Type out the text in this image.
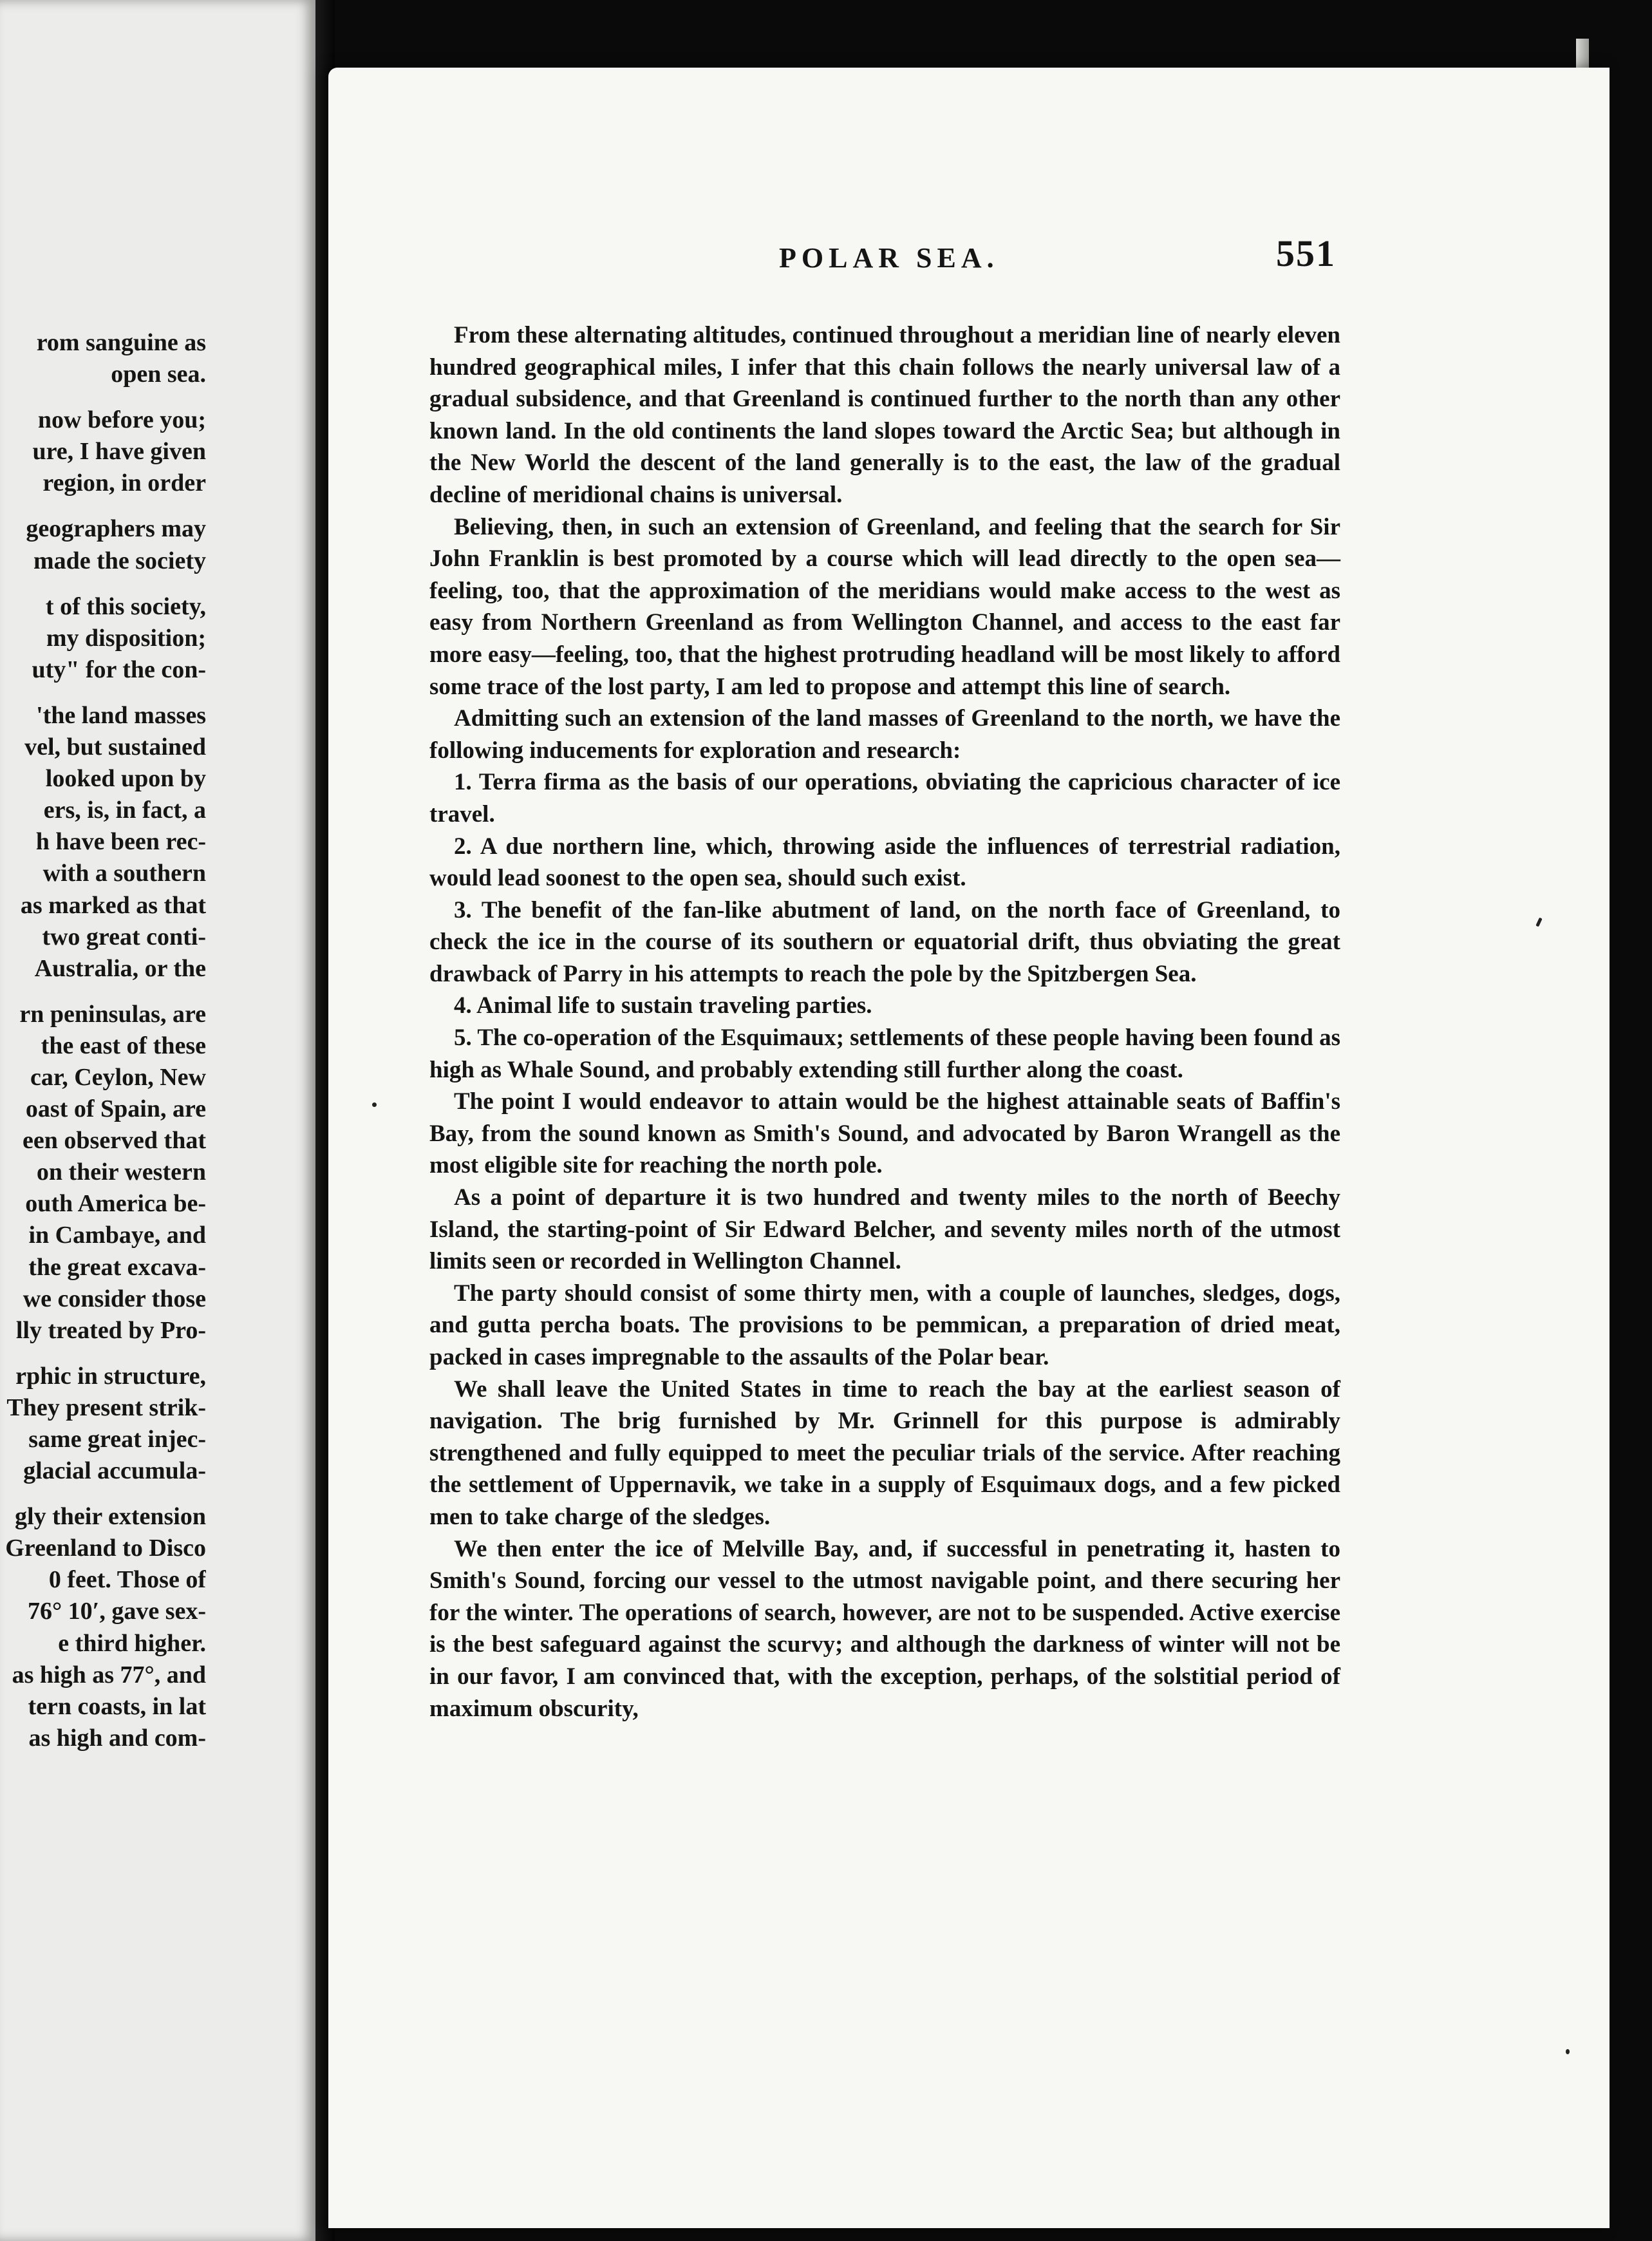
rom sanguine as
open sea.
now before you;
ure, I have given
region, in order
geographers may
made the society
t of this society,
my disposition;
uty" for the con-
'the land masses
vel, but sustained
looked upon by
ers, is, in fact, a
h have been rec-
with a southern
as marked as that
two great conti-
Australia, or the
rn peninsulas, are
the east of these
car, Ceylon, New
oast of Spain, are
een observed that
on their western
outh America be-
in Cambaye, and
the great excava-
we consider those
lly treated by Pro-
rphic in structure,
They present strik-
same great injec-
glacial accumula-
gly their extension
Greenland to Disco
0 feet. Those of
76° 10′, gave sex-
e third higher.
as high as 77°, and
tern coasts, in lat
as high and com-
POLAR SEA.	551

From these alternating altitudes, continued throughout a meridian line of nearly eleven hundred geographical miles, I infer that this chain follows the nearly universal law of a gradual subsidence, and that Greenland is continued further to the north than any other known land. In the old continents the land slopes toward the Arctic Sea; but although in the New World the descent of the land generally is to the east, the law of the gradual decline of meridional chains is universal.

Believing, then, in such an extension of Greenland, and feeling that the search for Sir John Franklin is best promoted by a course which will lead directly to the open sea—feeling, too, that the approximation of the meridians would make access to the west as easy from Northern Greenland as from Wellington Channel, and access to the east far more easy—feeling, too, that the highest protruding headland will be most likely to afford some trace of the lost party, I am led to propose and attempt this line of search.

Admitting such an extension of the land masses of Greenland to the north, we have the following inducements for exploration and research:

1. Terra firma as the basis of our operations, obviating the capricious character of ice travel.

2. A due northern line, which, throwing aside the influences of terrestrial radiation, would lead soonest to the open sea, should such exist.

3. The benefit of the fan-like abutment of land, on the north face of Greenland, to check the ice in the course of its southern or equatorial drift, thus obviating the great drawback of Parry in his attempts to reach the pole by the Spitzbergen Sea.

4. Animal life to sustain traveling parties.

5. The co-operation of the Esquimaux; settlements of these people having been found as high as Whale Sound, and probably extending still further along the coast.

The point I would endeavor to attain would be the highest attainable seats of Baffin's Bay, from the sound known as Smith's Sound, and advocated by Baron Wrangell as the most eligible site for reaching the north pole.

As a point of departure it is two hundred and twenty miles to the north of Beechy Island, the starting-point of Sir Edward Belcher, and seventy miles north of the utmost limits seen or recorded in Wellington Channel.

The party should consist of some thirty men, with a couple of launches, sledges, dogs, and gutta percha boats. The provisions to be pemmican, a preparation of dried meat, packed in cases impregnable to the assaults of the Polar bear.

We shall leave the United States in time to reach the bay at the earliest season of navigation. The brig furnished by Mr. Grinnell for this purpose is admirably strengthened and fully equipped to meet the peculiar trials of the service. After reaching the settlement of Uppernavik, we take in a supply of Esquimaux dogs, and a few picked men to take charge of the sledges.

We then enter the ice of Melville Bay, and, if successful in penetrating it, hasten to Smith's Sound, forcing our vessel to the utmost navigable point, and there securing her for the winter. The operations of search, however, are not to be suspended. Active exercise is the best safeguard against the scurvy; and although the darkness of winter will not be in our favor, I am convinced that, with the exception, perhaps, of the solstitial period of maximum obscurity,
